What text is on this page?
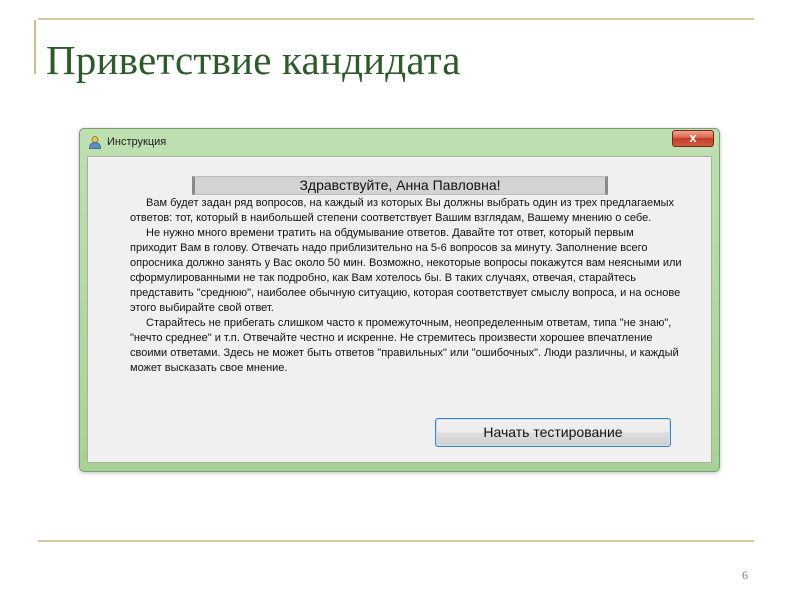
Приветствие кандидата
Инструкция	x
Здравствуйте, Анна Павловна!

Вам будет задан ряд вопросов, на каждый из которых Вы должны выбрать один из трех предлагаемых ответов: тот, который в наибольшей степени соответствует Вашим взглядам, Вашему мнению о себе.

Не нужно много времени тратить на обдумывание ответов. Давайте тот ответ, который первым приходит Вам в голову. Отвечать надо приблизительно на 5-6 вопросов за минуту. Заполнение всего опросника должно занять у Вас около 50 мин. Возможно, некоторые вопросы покажутся вам неясными или сформулированными не так подробно, как Вам хотелось бы. В таких случаях, отвечая, старайтесь представить "среднюю", наиболее обычную ситуацию, которая соответствует смыслу вопроса, и на основе этого выбирайте свой ответ.

Старайтесь не прибегать слишком часто к промежуточным, неопределенным ответам, типа "не знаю", "нечто среднее" и т.п. Отвечайте честно и искренне. Не стремитесь произвести хорошее впечатление своими ответами. Здесь не может быть ответов "правильных" или "ошибочных". Люди различны, и каждый может высказать свое мнение.

Начать тестирование
6
